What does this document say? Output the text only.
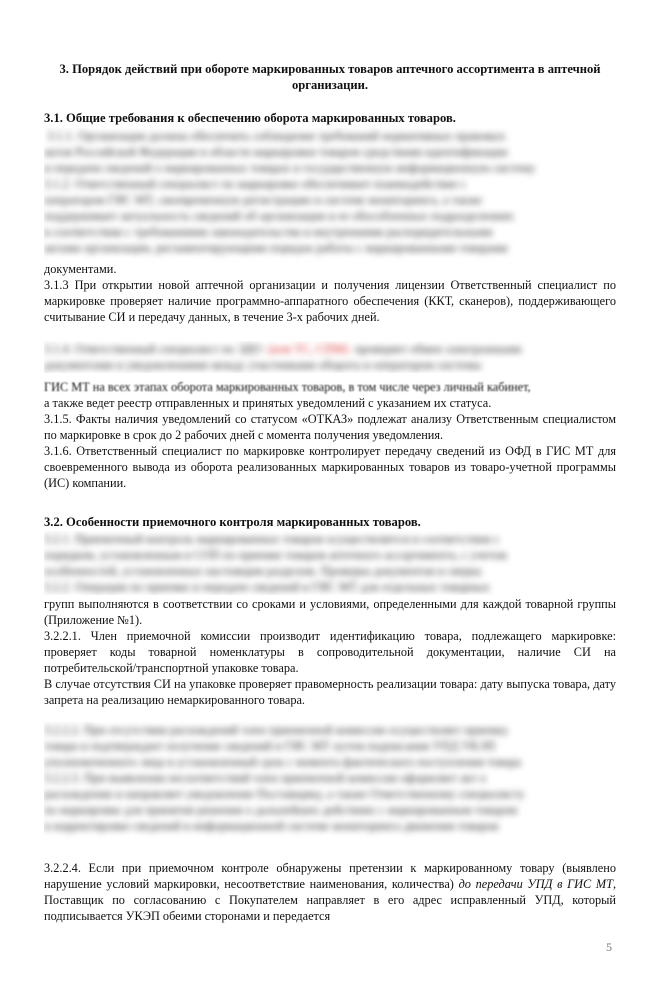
3. Порядок действий при обороте маркированных товаров аптечного ассортимента в аптечной организации.
3.1. Общие требования к обеспечению оборота маркированных товаров.
3.1.1. Организация должна обеспечить соблюдение требований нормативных правовых
актов Российской Федерации в области маркировки товаров средствами идентификации
и передачи сведений о маркированных товарах в государственную информационную систему
3.1.2. Ответственный специалист по маркировке обеспечивает взаимодействие с
оператором ГИС МТ, своевременную регистрацию в системе мониторинга, а также
поддерживает актуальность сведений об организации и ее обособленных подразделениях
в соответствии с требованиями законодательства и внутренними распорядительными
актами организации, регламентирующими порядок работы с маркированными товарами
документами.
3.1.3 При открытии новой аптечной организации и получения лицензии Ответственный специалист по маркировке проверяет наличие программно-аппаратного обеспечения (ККТ, сканеров), поддерживающего считывание СИ и передачу данных, в течение 3-х рабочих дней.
3.1.4. Ответственный специалист по ЭДО  (или ТС, СПМ)  проверяет обмен электронными
документами и уведомлениями между участниками оборота и оператором системы
ГИС МТ на всех этапах оборота маркированных товаров, в том числе через личный кабинет,
а также ведет реестр отправленных и принятых уведомлений с указанием их статуса.
3.1.5. Факты наличия уведомлений со статусом «ОТКАЗ» подлежат анализу Ответственным специалистом по маркировке в срок до 2 рабочих дней с момента получения уведомления.
3.1.6. Ответственный специалист по маркировке контролирует передачу сведений из ОФД в ГИС МТ для своевременного вывода из оборота реализованных маркированных товаров из товаро-учетной программы (ИС) компании.
3.2. Особенности приемочного контроля маркированных товаров.
3.2.1. Приемочный контроль маркированных товаров осуществляется в соответствии с
порядком, установленным в СОП по приемке товаров аптечного ассортимента, с учетом
особенностей, установленных настоящим разделом. Проверка документов и сверка
3.2.2. Операции по приемке и передаче сведений в ГИС МТ для отдельных товарных
групп выполняются в соответствии со сроками и условиями, определенными для каждой товарной группы (Приложение №1).
3.2.2.1. Член приемочной комиссии производит идентификацию товара, подлежащего маркировке: проверяет коды товарной номенклатуры в сопроводительной документации, наличие СИ на потребительской/транспортной упаковке товара.
В случае отсутствия СИ на упаковке проверяет правомерность реализации товара: дату выпуска товара, дату запрета на реализацию немаркированного товара.
3.2.2.2. При отсутствии расхождений член приемочной комиссии осуществляет приемку
товара и подтверждает получение сведений в ГИС МТ путем подписания УПД УКЭП
уполномоченного лица в установленный срок с момента фактического поступления товара
3.2.2.3. При выявлении несоответствий член приемочной комиссии оформляет акт о
расхождении и направляет уведомление Поставщику, а также Ответственному специалисту
по маркировке для принятия решения о дальнейших действиях с маркированным товаром
и корректировке сведений в информационной системе мониторинга движения товаров
3.2.2.4. Если при приемочном контроле обнаружены претензии к маркированному товару (выявлено нарушение условий маркировки, несоответствие наименования, количества) до передачи УПД в ГИС МТ, Поставщик по согласованию с Покупателем направляет в его адрес исправленный УПД, который подписывается УКЭП обеими сторонами и передается
5
